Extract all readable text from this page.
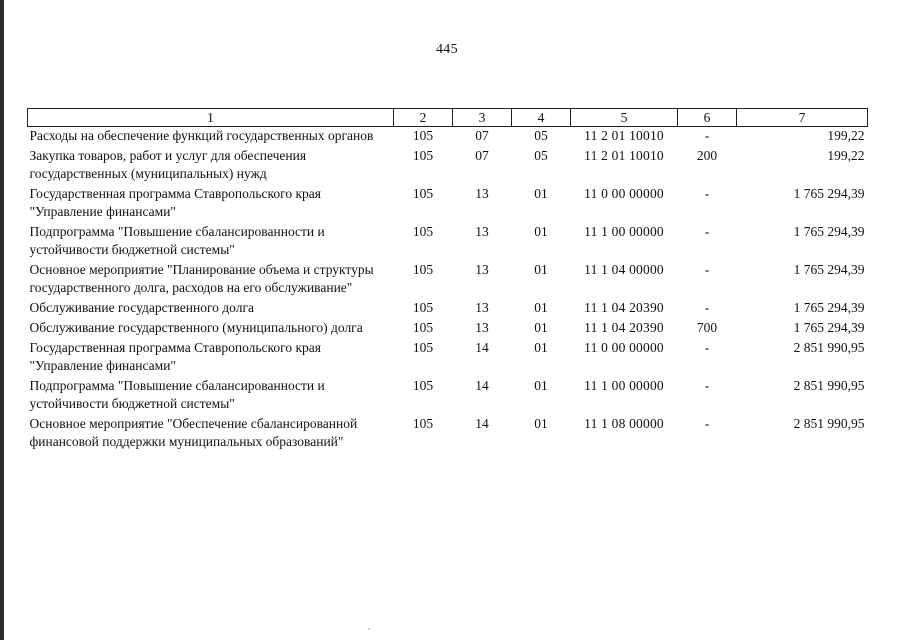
445
1	2	3	4	5	6	7
Расходы на обеспечение функций государственных органов	105	07	05	11 2 01 10010	-	199,22
Закупка товаров, работ и услуг для обеспечения государственных (муниципальных) нужд	105	07	05	11 2 01 10010	200	199,22
Государственная программа Ставропольского края "Управление финансами"	105	13	01	11 0 00 00000	-	1 765 294,39
Подпрограмма "Повышение сбалансированности и устойчивости бюджетной системы"	105	13	01	11 1 00 00000	-	1 765 294,39
Основное мероприятие "Планирование объема и структуры государственного долга, расходов на его обслуживание"	105	13	01	11 1 04 00000	-	1 765 294,39
Обслуживание государственного долга	105	13	01	11 1 04 20390	-	1 765 294,39
Обслуживание государственного (муниципального) долга	105	13	01	11 1 04 20390	700	1 765 294,39
Государственная программа Ставропольского края "Управление финансами"	105	14	01	11 0 00 00000	-	2 851 990,95
Подпрограмма "Повышение сбалансированности и устойчивости бюджетной системы"	105	14	01	11 1 00 00000	-	2 851 990,95
Основное мероприятие "Обеспечение сбалансированной финансовой поддержки муниципальных образований"	105	14	01	11 1 08 00000	-	2 851 990,95
